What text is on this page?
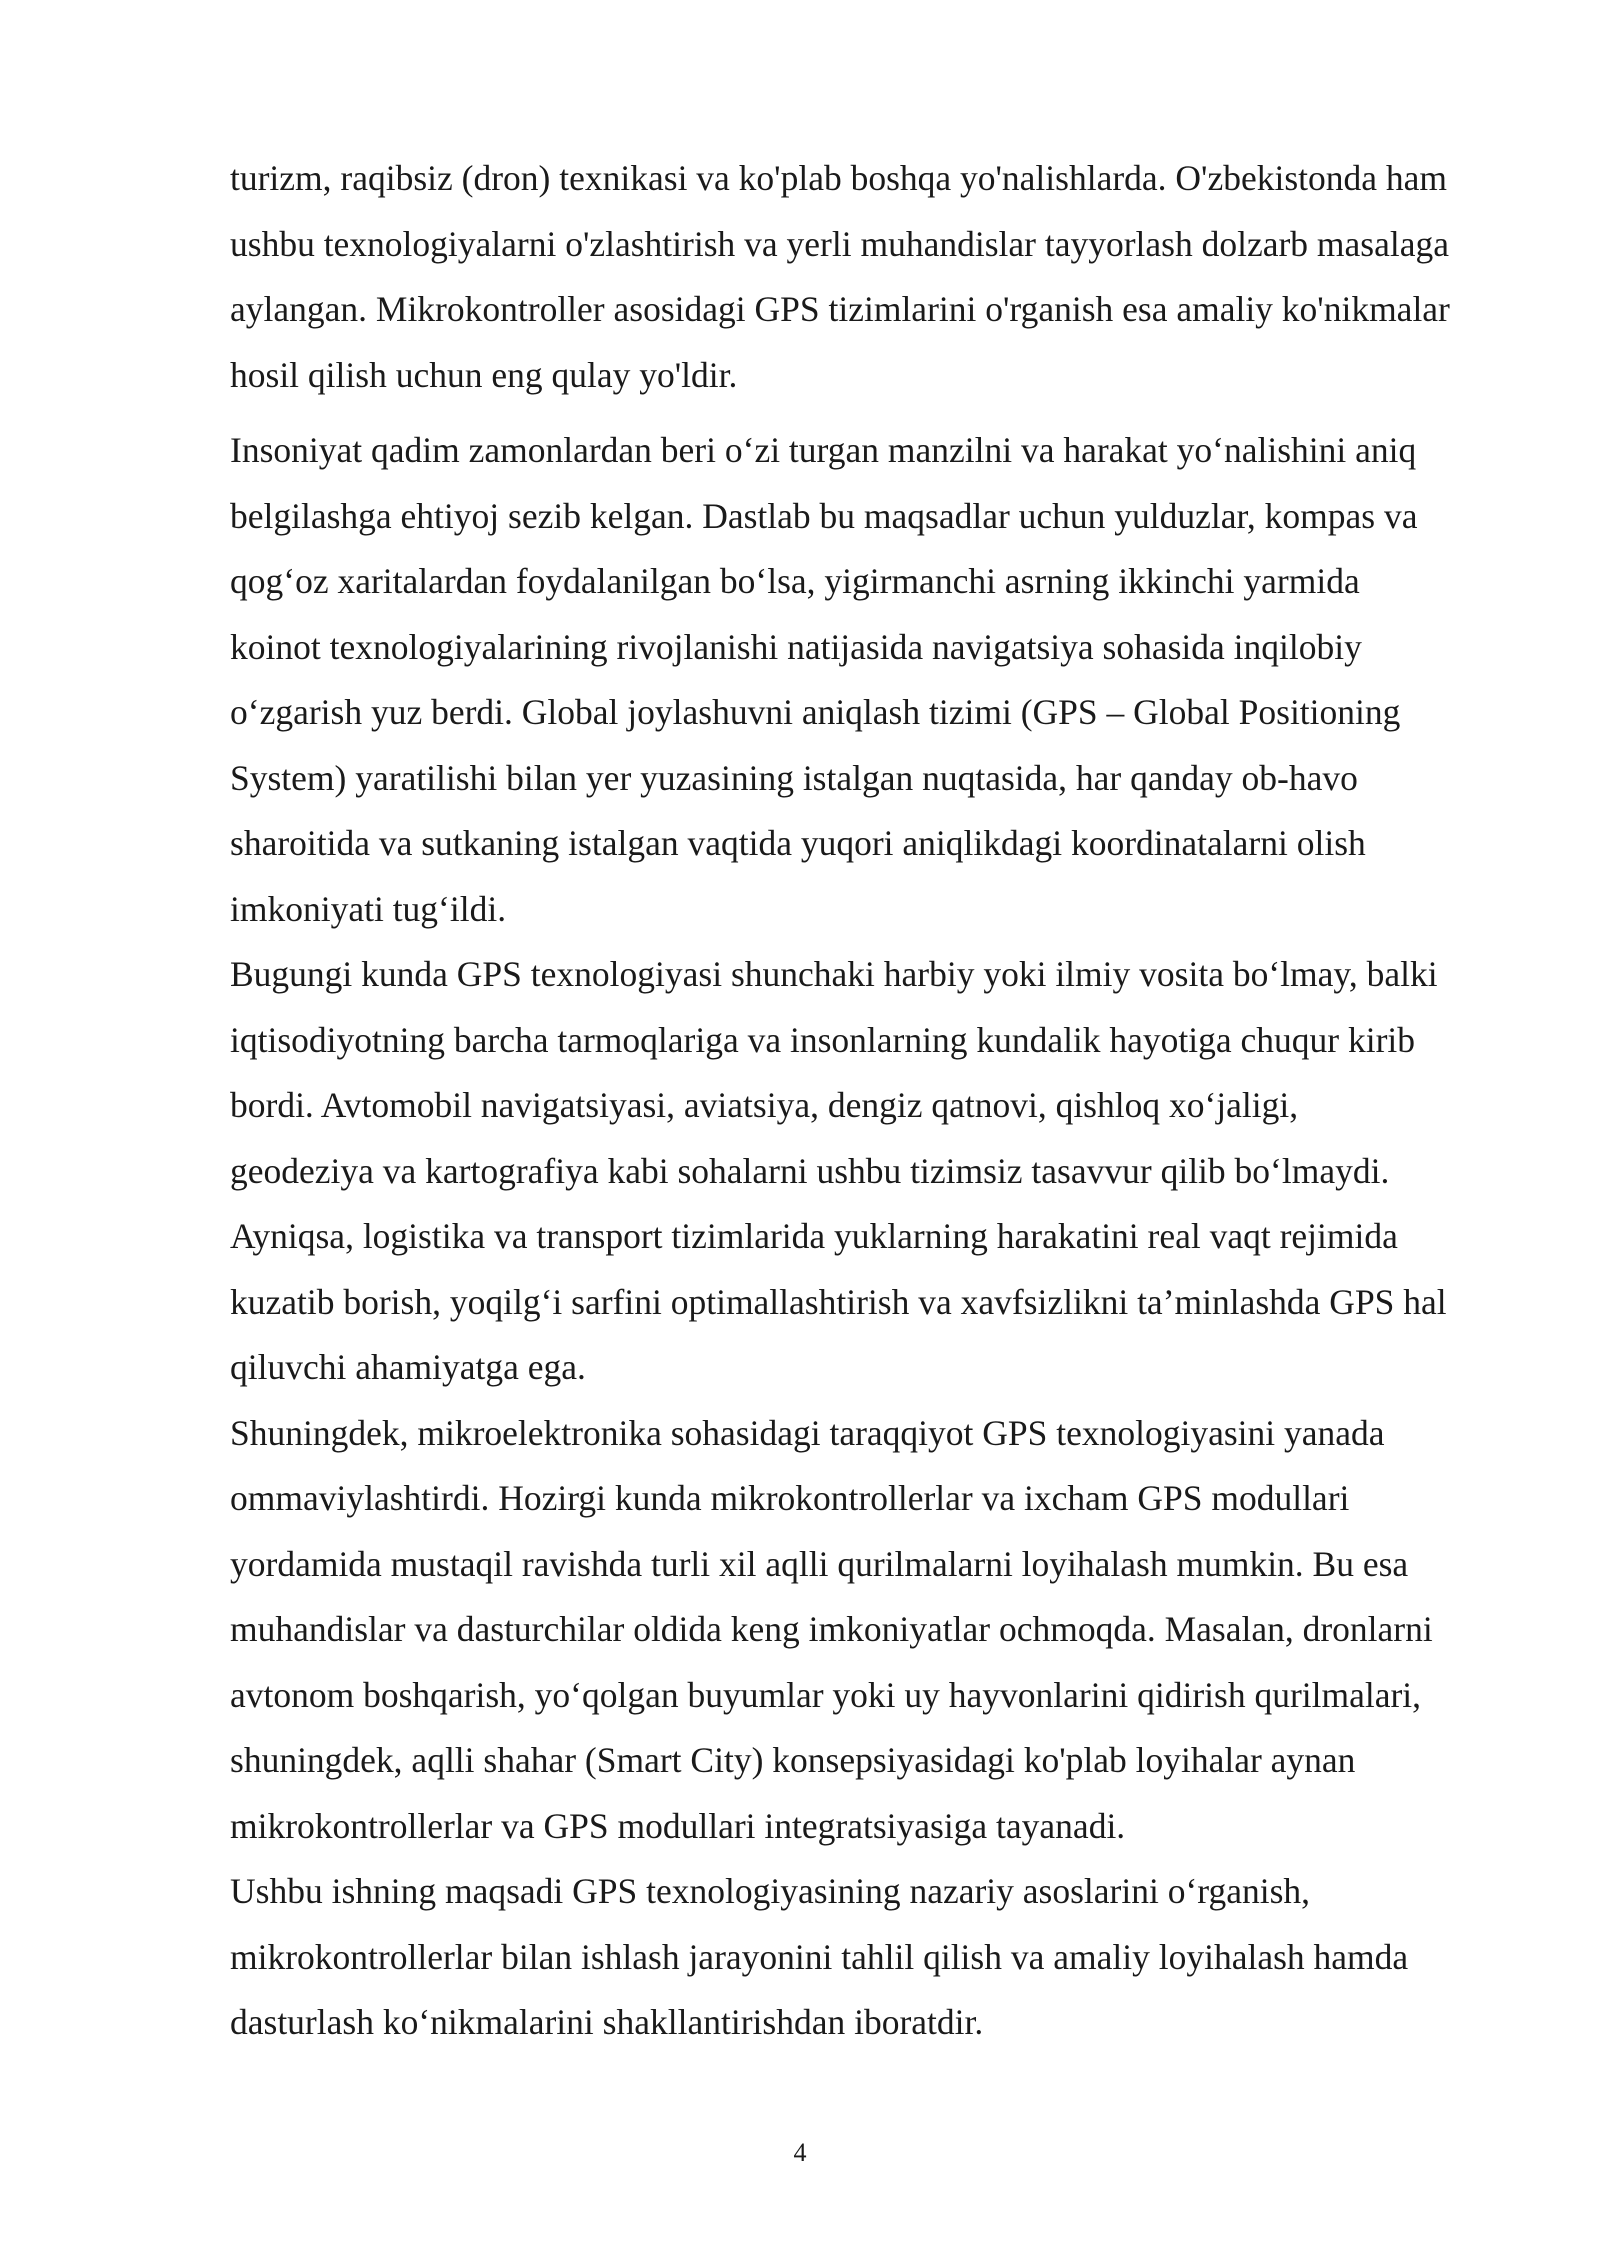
turizm, raqibsiz (dron) texnikasi va ko'plab boshqa yo'nalishlarda. O'zbekistonda ham
ushbu texnologiyalarni o'zlashtirish va yerli muhandislar tayyorlash dolzarb masalaga
aylangan. Mikrokontroller asosidagi GPS tizimlarini o'rganish esa amaliy ko'nikmalar
hosil qilish uchun eng qulay yo'ldir.

Insoniyat qadim zamonlardan beri o‘zi turgan manzilni va harakat yo‘nalishini aniq
belgilashga ehtiyoj sezib kelgan. Dastlab bu maqsadlar uchun yulduzlar, kompas va
qog‘oz xaritalardan foydalanilgan bo‘lsa, yigirmanchi asrning ikkinchi yarmida
koinot texnologiyalarining rivojlanishi natijasida navigatsiya sohasida inqilobiy
o‘zgarish yuz berdi. Global joylashuvni aniqlash tizimi (GPS – Global Positioning
System) yaratilishi bilan yer yuzasining istalgan nuqtasida, har qanday ob-havo
sharoitida va sutkaning istalgan vaqtida yuqori aniqlikdagi koordinatalarni olish
imkoniyati tug‘ildi.

Bugungi kunda GPS texnologiyasi shunchaki harbiy yoki ilmiy vosita bo‘lmay, balki
iqtisodiyotning barcha tarmoqlariga va insonlarning kundalik hayotiga chuqur kirib
bordi. Avtomobil navigatsiyasi, aviatsiya, dengiz qatnovi, qishloq xo‘jaligi,
geodeziya va kartografiya kabi sohalarni ushbu tizimsiz tasavvur qilib bo‘lmaydi.
Ayniqsa, logistika va transport tizimlarida yuklarning harakatini real vaqt rejimida
kuzatib borish, yoqilg‘i sarfini optimallashtirish va xavfsizlikni ta’minlashda GPS hal
qiluvchi ahamiyatga ega.

Shuningdek, mikroelektronika sohasidagi taraqqiyot GPS texnologiyasini yanada
ommaviylashtirdi. Hozirgi kunda mikrokontrollerlar va ixcham GPS modullari
yordamida mustaqil ravishda turli xil aqlli qurilmalarni loyihalash mumkin. Bu esa
muhandislar va dasturchilar oldida keng imkoniyatlar ochmoqda. Masalan, dronlarni
avtonom boshqarish, yo‘qolgan buyumlar yoki uy hayvonlarini qidirish qurilmalari,
shuningdek, aqlli shahar (Smart City) konsepsiyasidagi ko'plab loyihalar aynan
mikrokontrollerlar va GPS modullari integratsiyasiga tayanadi.

Ushbu ishning maqsadi GPS texnologiyasining nazariy asoslarini o‘rganish,
mikrokontrollerlar bilan ishlash jarayonini tahlil qilish va amaliy loyihalash hamda
dasturlash ko‘nikmalarini shakllantirishdan iboratdir.

4
